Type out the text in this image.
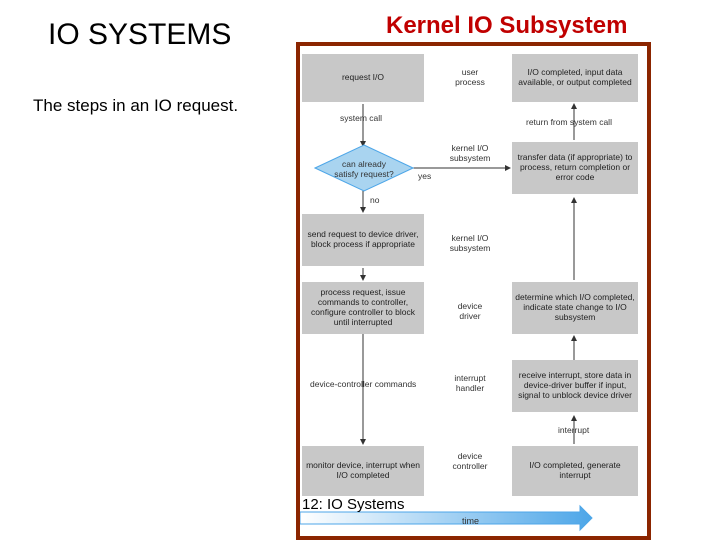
IO SYSTEMS	Kernel IO Subsystem
The steps in an IO request.
request I/O
system call
can already satisfy request?	yes
no
send request to device driver, block process if appropriate
process request, issue commands to controller, configure controller to block until interrupted
device-controller commands
monitor device, interrupt when I/O completed
user process
kernel I/O subsystem
kernel I/O subsystem
device driver
interrupt handler
device controller
I/O completed, input data available, or output completed
return from system call
transfer data (if appropriate) to process, return completion or error code
determine which I/O completed, indicate state change to I/O subsystem
receive interrupt, store data in device-driver buffer if input, signal to unblock device driver
interrupt
I/O completed, generate interrupt
12: IO Systems
time
